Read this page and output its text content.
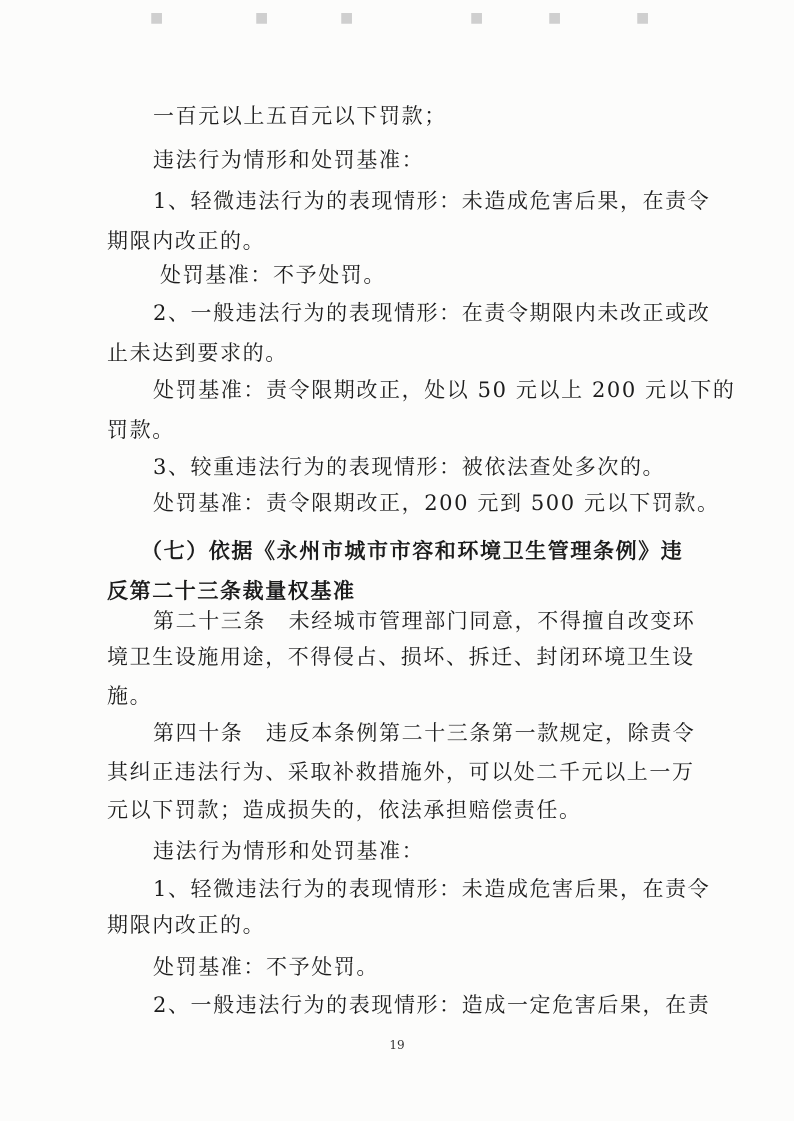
■	■	■	■	■	■
一百元以上五百元以下罚款；
违法行为情形和处罚基准：
1、轻微违法行为的表现情形：未造成危害后果，在责令
期限内改正的。
处罚基准：不予处罚。
2、一般违法行为的表现情形：在责令期限内未改正或改
止未达到要求的。
处罚基准：责令限期改正，处以 50 元以上 200 元以下的
罚款。
3、较重违法行为的表现情形：被依法查处多次的。
处罚基准：责令限期改正，200 元到 500 元以下罚款。
（七）依据《永州市城市市容和环境卫生管理条例》违
反第二十三条裁量权基准
第二十三条　未经城市管理部门同意，不得擅自改变环
境卫生设施用途，不得侵占、损坏、拆迁、封闭环境卫生设
施。
第四十条　违反本条例第二十三条第一款规定，除责令
其纠正违法行为、采取补救措施外，可以处二千元以上一万
元以下罚款；造成损失的，依法承担赔偿责任。
违法行为情形和处罚基准：
1、轻微违法行为的表现情形：未造成危害后果，在责令
期限内改正的。
处罚基准：不予处罚。
2、一般违法行为的表现情形：造成一定危害后果，在责
19
